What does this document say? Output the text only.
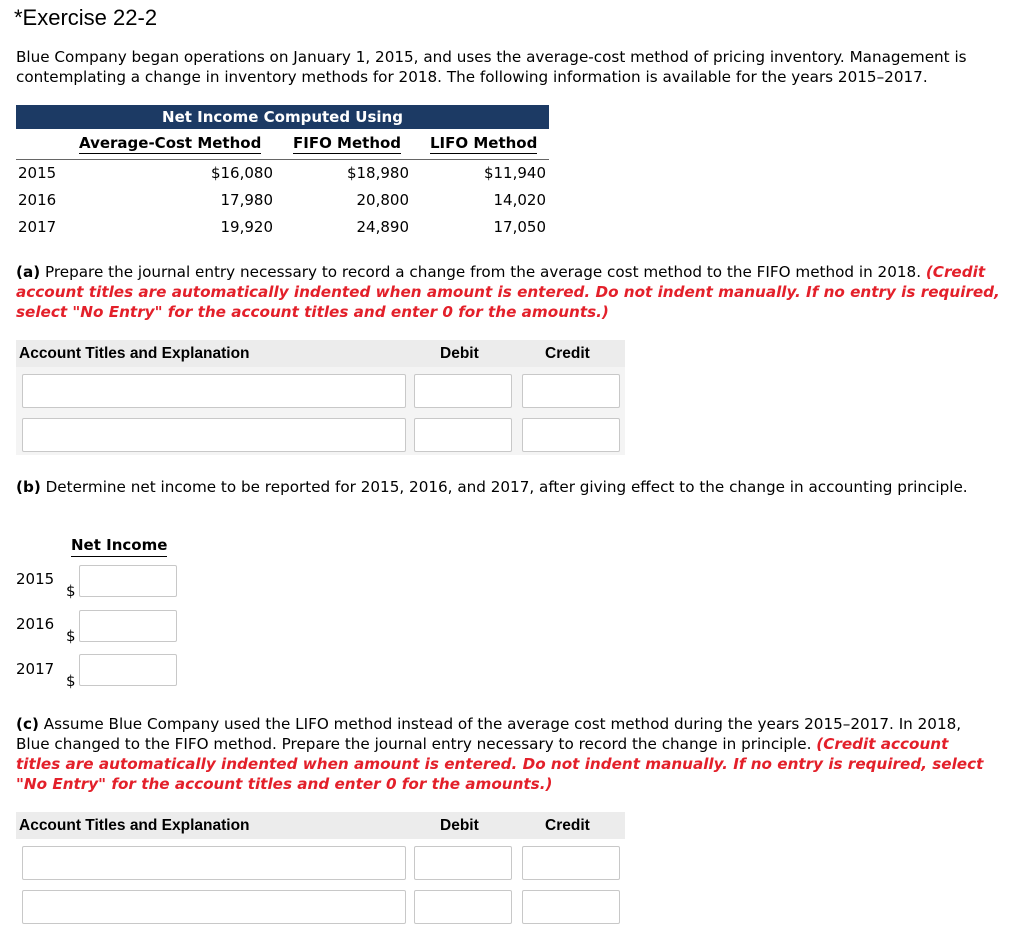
*Exercise 22-2
Blue Company began operations on January 1, 2015, and uses the average-cost method of pricing inventory. Management is contemplating a change in inventory methods for 2018. The following information is available for the years 2015–2017.
Net Income Computed Using
Average-Cost Method FIFO Method LIFO Method
2015	$16,080	$18,980	$11,940
2016	17,980	20,800	14,020
2017	19,920	24,890	17,050
(a) Prepare the journal entry necessary to record a change from the average cost method to the FIFO method in 2018. (Credit account titles are automatically indented when amount is entered. Do not indent manually. If no entry is required, select "No Entry" for the account titles and enter 0 for the amounts.)
Account Titles and Explanation	Debit	Credit
(b) Determine net income to be reported for 2015, 2016, and 2017, after giving effect to the change in accounting principle.
Net Income
2015
$
2016
$
2017
$
(c) Assume Blue Company used the LIFO method instead of the average cost method during the years 2015–2017. In 2018, Blue changed to the FIFO method. Prepare the journal entry necessary to record the change in principle. (Credit account titles are automatically indented when amount is entered. Do not indent manually. If no entry is required, select "No Entry" for the account titles and enter 0 for the amounts.)
Account Titles and Explanation	Debit	Credit
